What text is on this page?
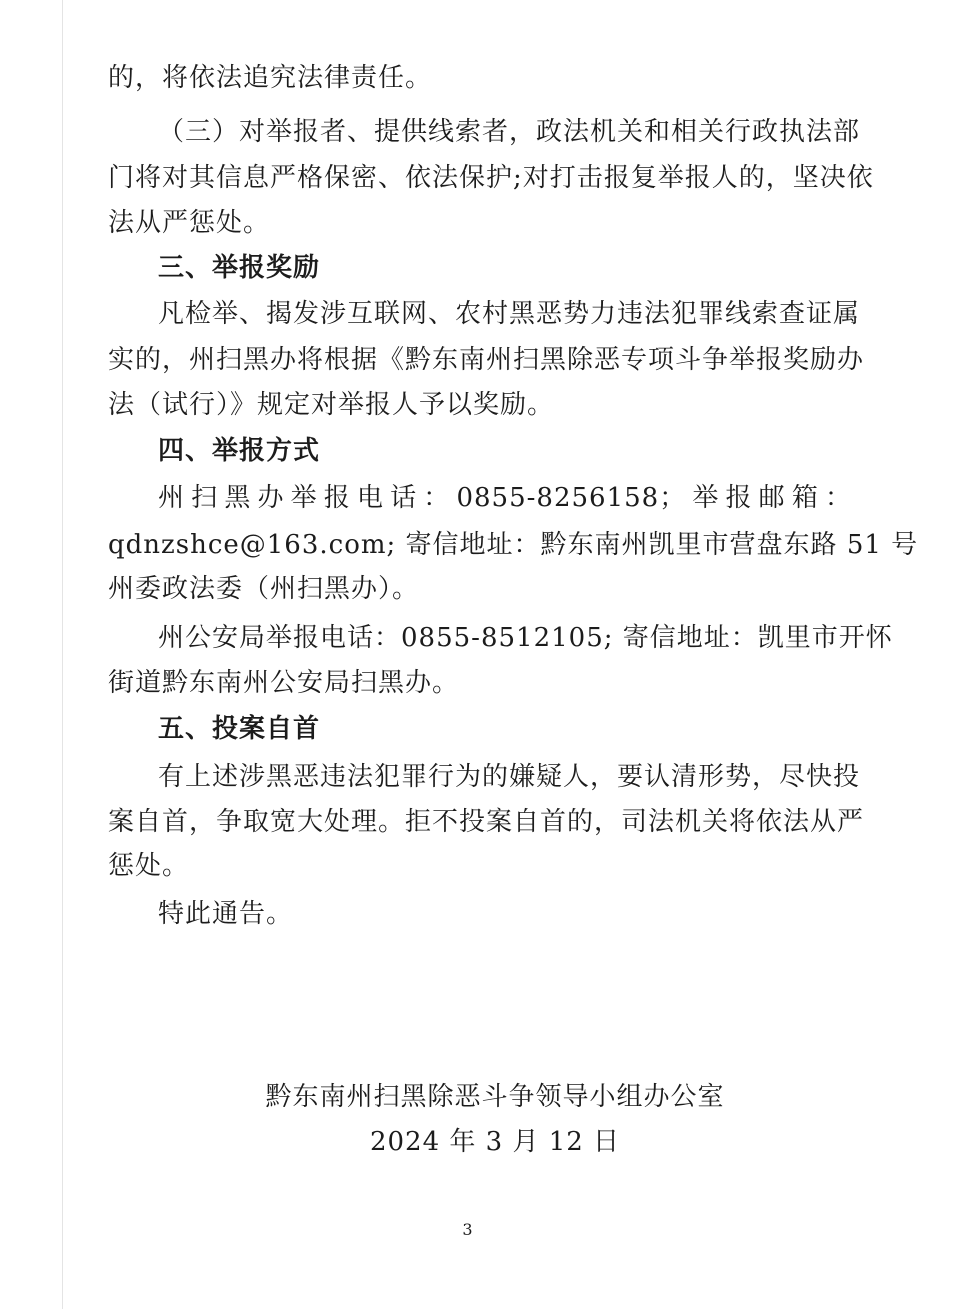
的，将依法追究法律责任。
（三）对举报者、提供线索者，政法机关和相关行政执法部
门将对其信息严格保密、依法保护;对打击报复举报人的，坚决依
法从严惩处。
三、举报奖励
凡检举、揭发涉互联网、农村黑恶势力违法犯罪线索查证属
实的，州扫黑办将根据《黔东南州扫黑除恶专项斗争举报奖励办
法（试行）》规定对举报人予以奖励。
四、举报方式
州扫黑办举报电话：0855-8256158；举报邮箱：
qdnzshce@163.com; 寄信地址：黔东南州凯里市营盘东路 51 号
州委政法委（州扫黑办）。
州公安局举报电话：0855-8512105; 寄信地址：凯里市开怀
街道黔东南州公安局扫黑办。
五、投案自首
有上述涉黑恶违法犯罪行为的嫌疑人，要认清形势，尽快投
案自首，争取宽大处理。拒不投案自首的，司法机关将依法从严
惩处。
特此通告。
黔东南州扫黑除恶斗争领导小组办公室
2024 年 3 月 12 日
3
